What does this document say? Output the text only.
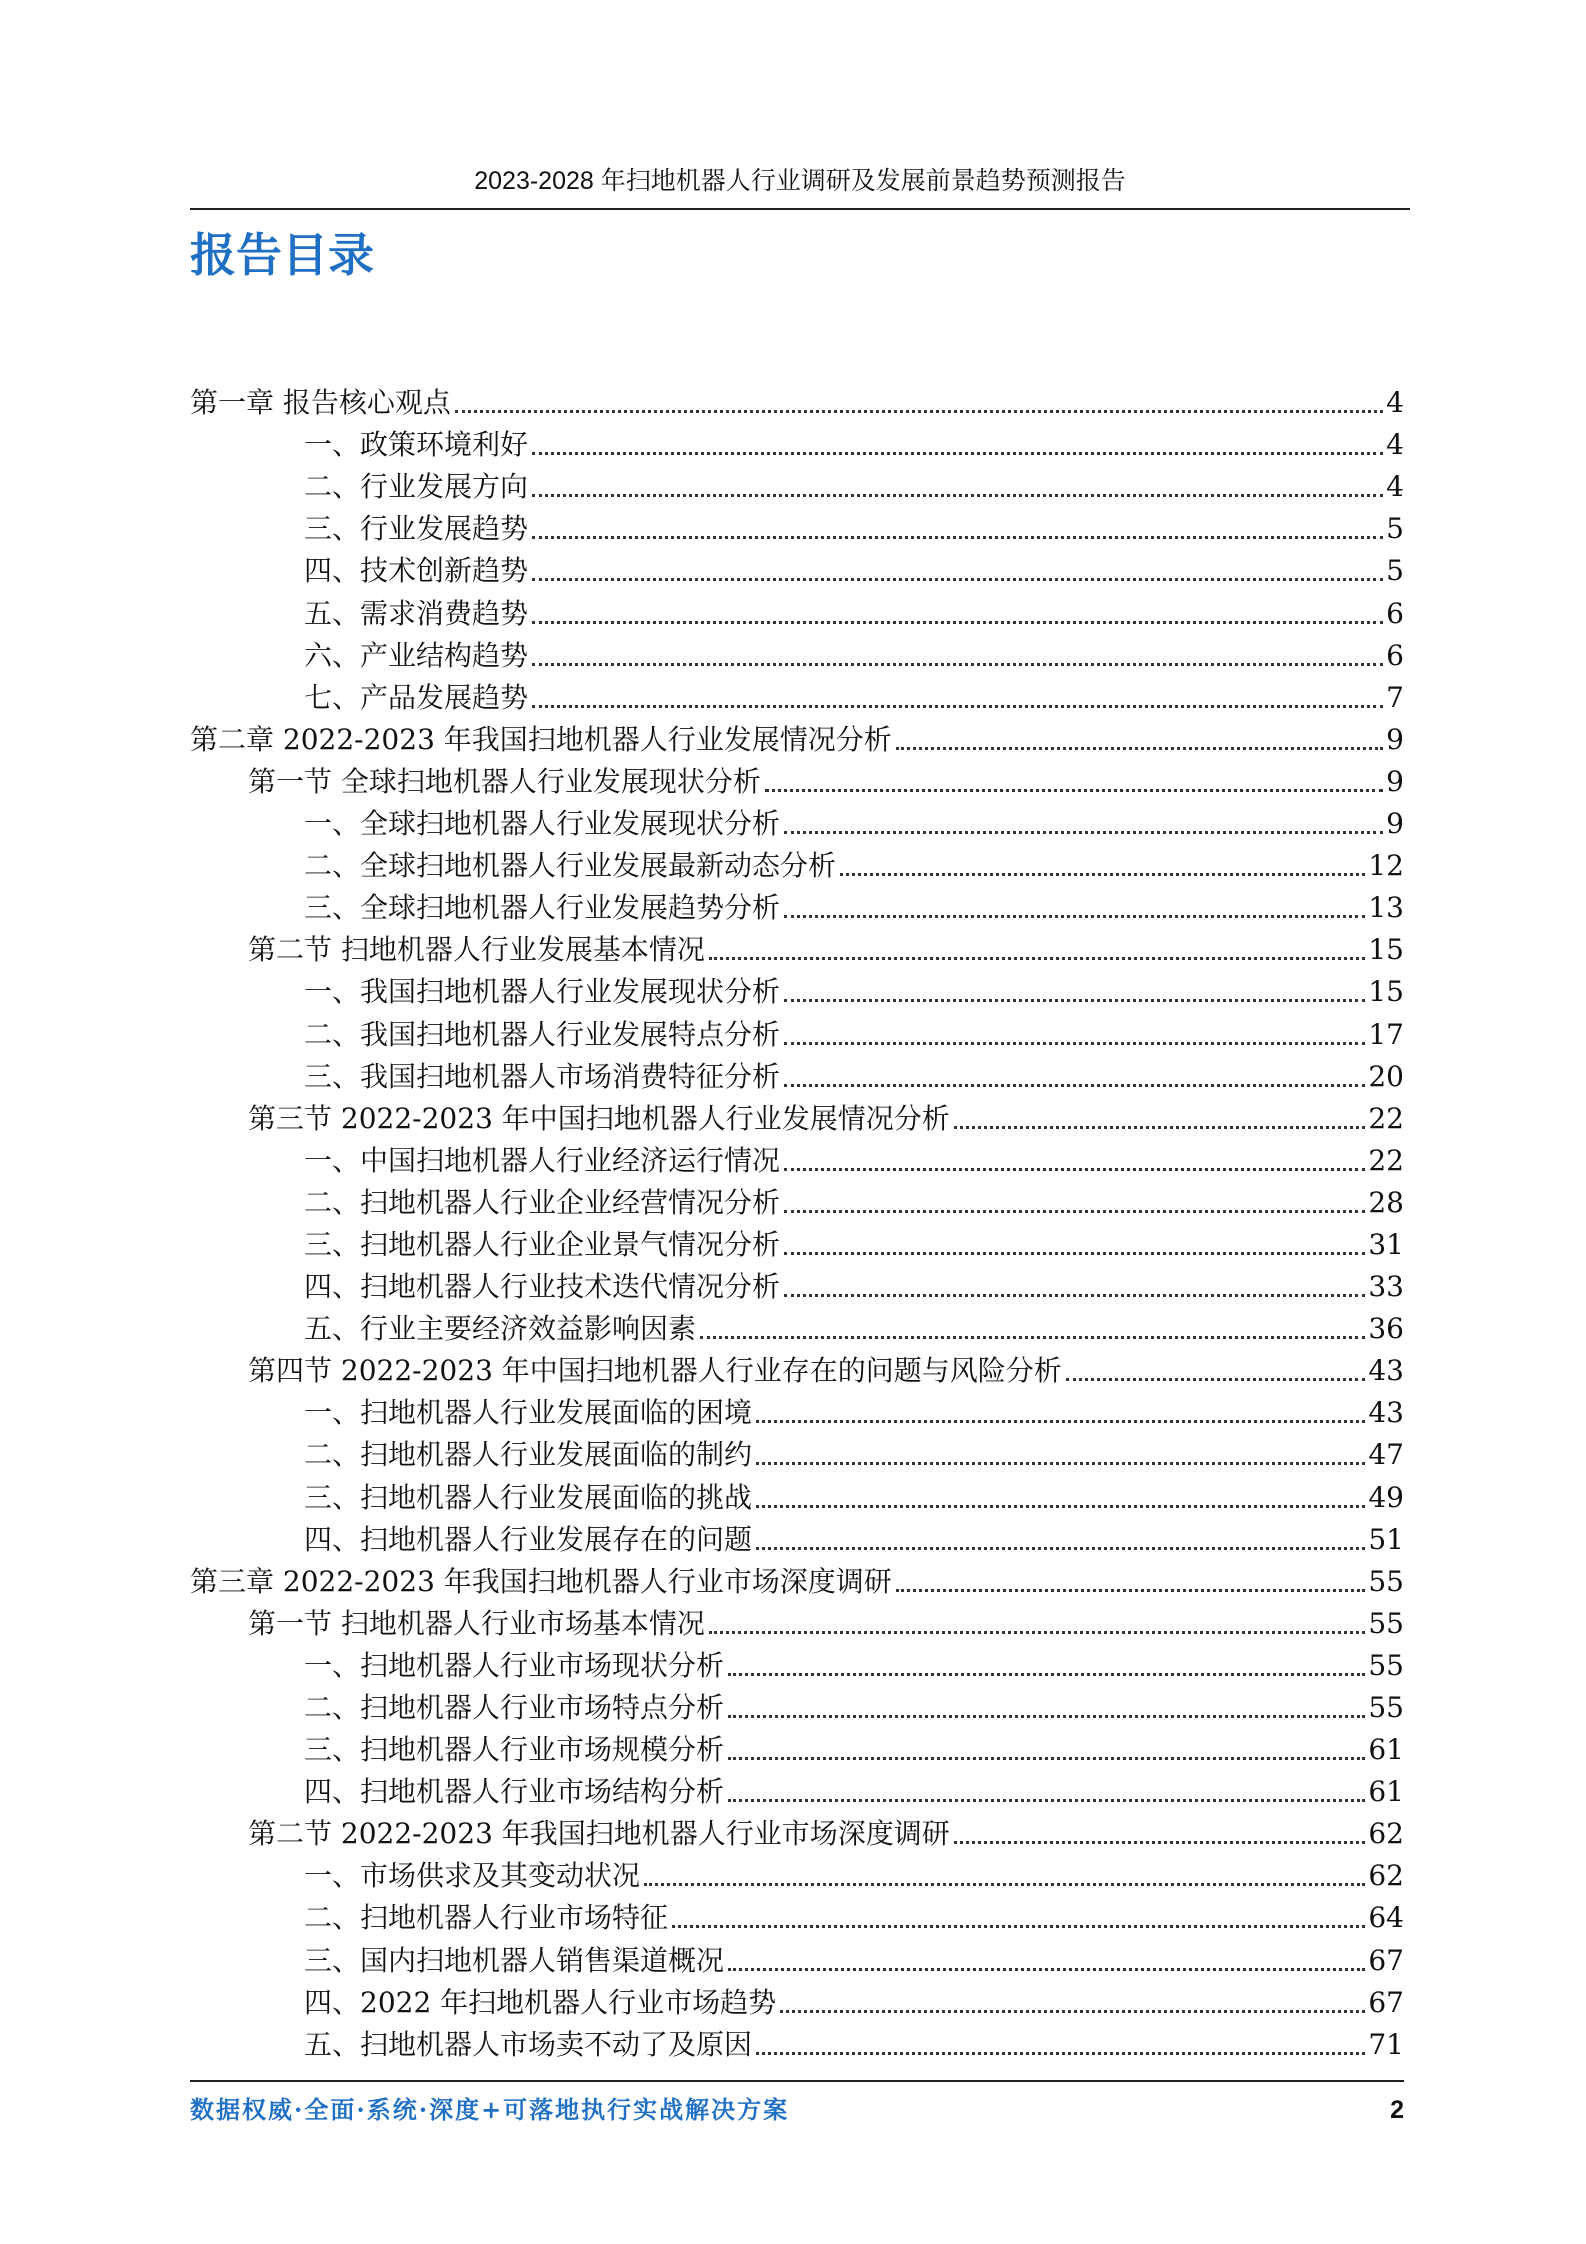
2023-2028 年扫地机器人行业调研及发展前景趋势预测报告
报告目录
第一章 报告核心观点	4
一、政策环境利好	4
二、行业发展方向	4
三、行业发展趋势	5
四、技术创新趋势	5
五、需求消费趋势	6
六、产业结构趋势	6
七、产品发展趋势	7
第二章 2022-2023 年我国扫地机器人行业发展情况分析	9
第一节 全球扫地机器人行业发展现状分析	9
一、全球扫地机器人行业发展现状分析	9
二、全球扫地机器人行业发展最新动态分析	12
三、全球扫地机器人行业发展趋势分析	13
第二节 扫地机器人行业发展基本情况	15
一、我国扫地机器人行业发展现状分析	15
二、我国扫地机器人行业发展特点分析	17
三、我国扫地机器人市场消费特征分析	20
第三节 2022-2023 年中国扫地机器人行业发展情况分析	22
一、中国扫地机器人行业经济运行情况	22
二、扫地机器人行业企业经营情况分析	28
三、扫地机器人行业企业景气情况分析	31
四、扫地机器人行业技术迭代情况分析	33
五、行业主要经济效益影响因素	36
第四节 2022-2023 年中国扫地机器人行业存在的问题与风险分析	43
一、扫地机器人行业发展面临的困境	43
二、扫地机器人行业发展面临的制约	47
三、扫地机器人行业发展面临的挑战	49
四、扫地机器人行业发展存在的问题	51
第三章 2022-2023 年我国扫地机器人行业市场深度调研	55
第一节 扫地机器人行业市场基本情况	55
一、扫地机器人行业市场现状分析	55
二、扫地机器人行业市场特点分析	55
三、扫地机器人行业市场规模分析	61
四、扫地机器人行业市场结构分析	61
第二节 2022-2023 年我国扫地机器人行业市场深度调研	62
一、市场供求及其变动状况	62
二、扫地机器人行业市场特征	64
三、国内扫地机器人销售渠道概况	67
四、2022 年扫地机器人行业市场趋势	67
五、扫地机器人市场卖不动了及原因	71
数据权威·全面·系统·深度+可落地执行实战解决方案	2
